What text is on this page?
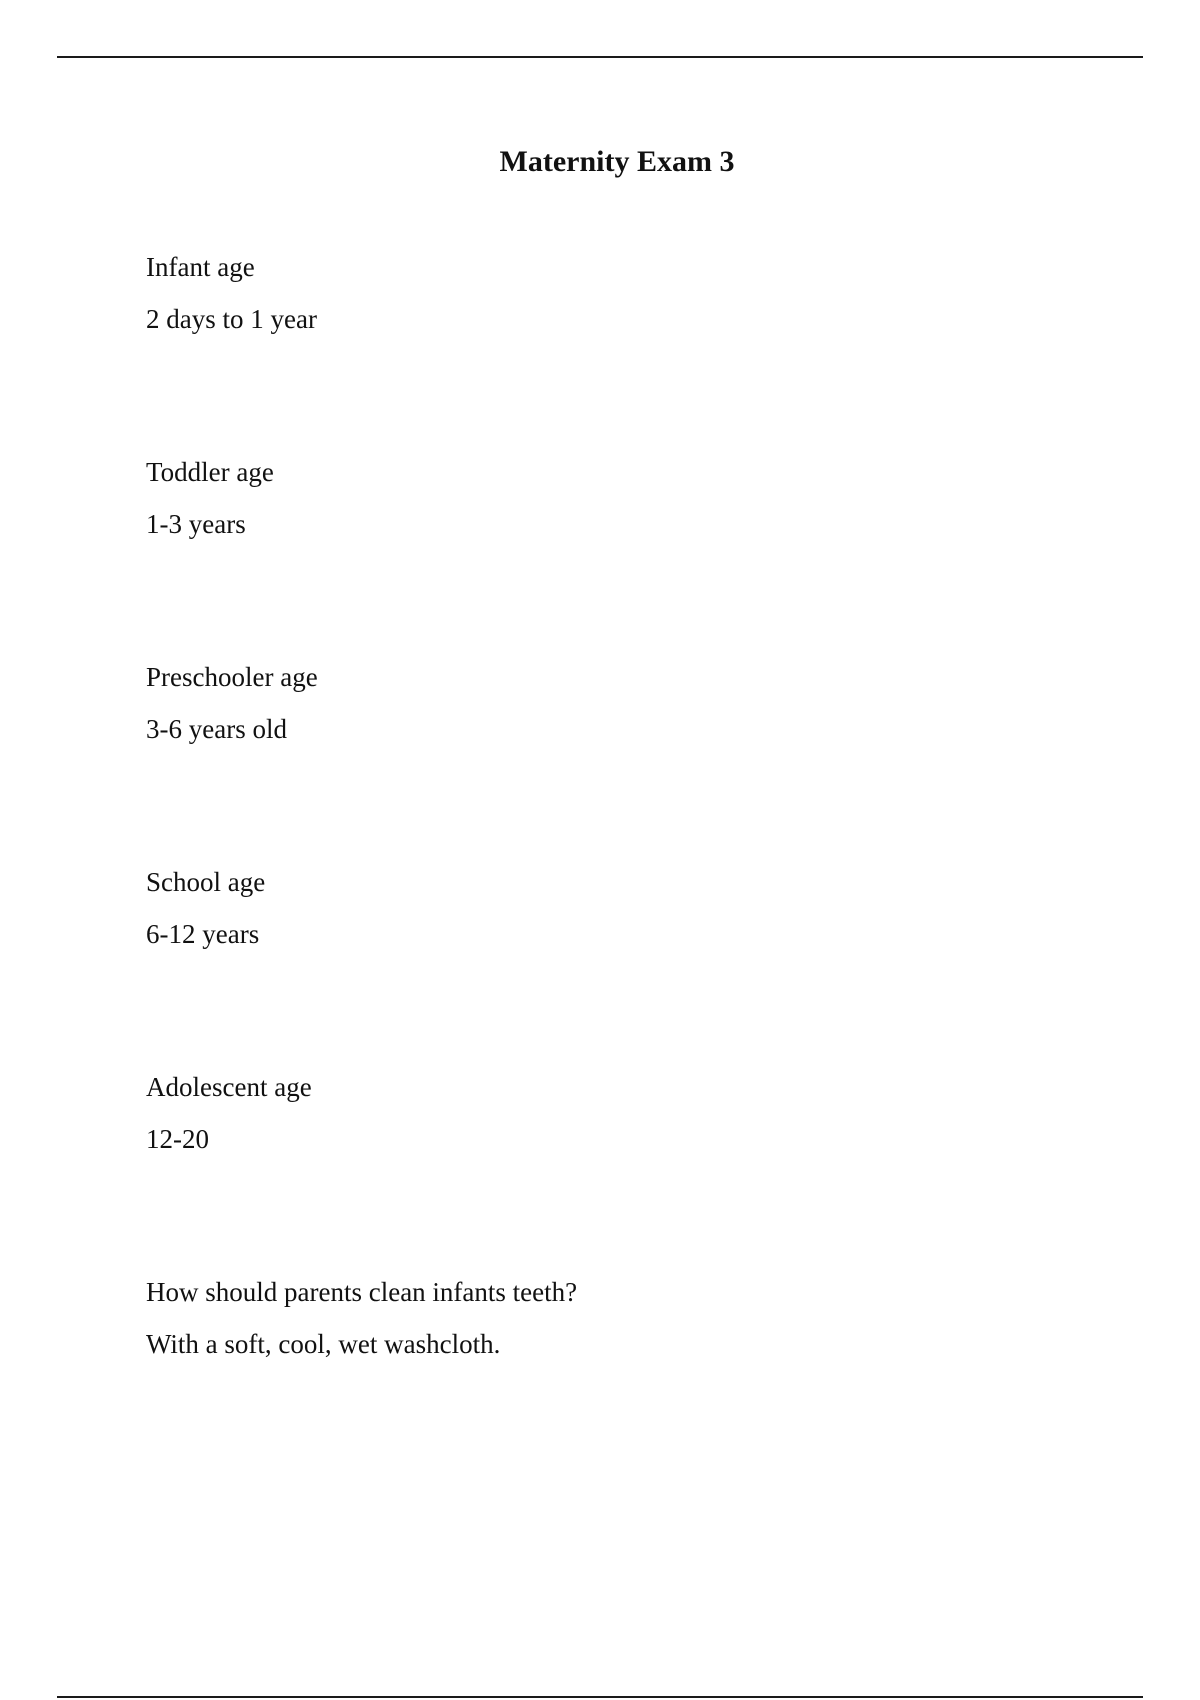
Maternity Exam 3

Infant age

2 days to 1 year

Toddler age

1-3 years

Preschooler age

3-6 years old

School age

6-12 years

Adolescent age

12-20

How should parents clean infants teeth?

With a soft, cool, wet washcloth.
